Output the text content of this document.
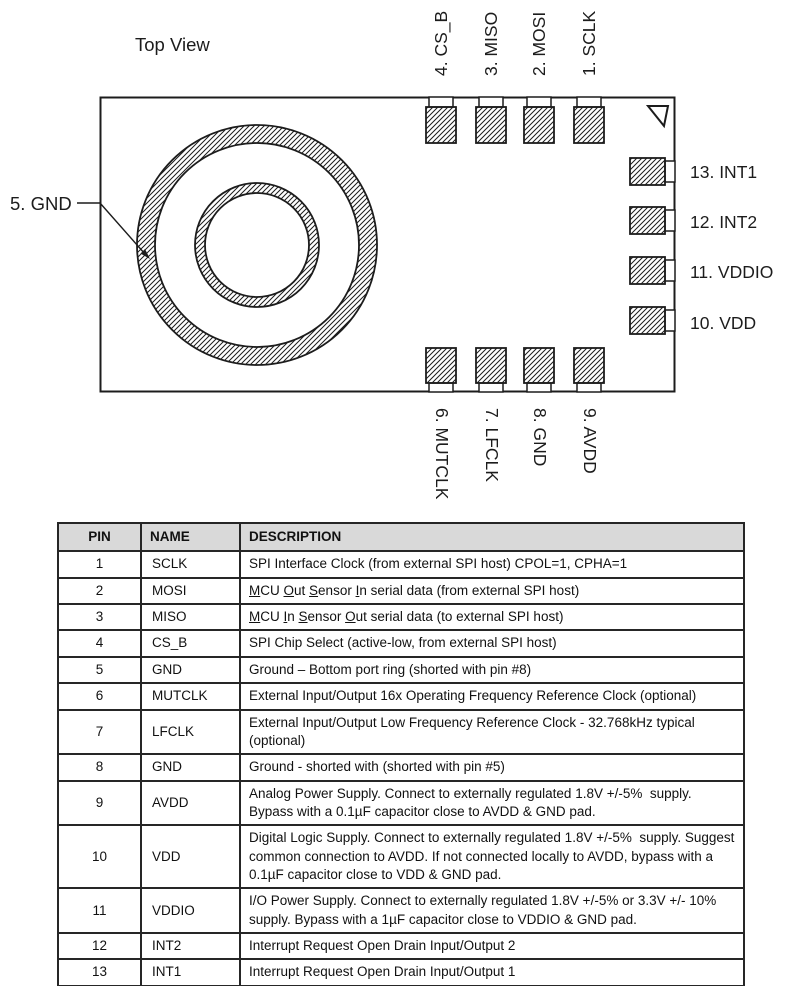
Top View
5. GND
4. CS_B 3. MISO 2. MOSI 1. SCLK
13. INT1
12. INT2
11. VDDIO
10. VDD
6. MUTCLK 7. LFCLK 8. GND 9. AVDD
PIN	NAME	DESCRIPTION
1	SCLK	SPI Interface Clock (from external SPI host) CPOL=1, CPHA=1
2	MOSI	MCU Out Sensor In serial data (from external SPI host)
3	MISO	MCU In Sensor Out serial data (to external SPI host)
4	CS_B	SPI Chip Select (active-low, from external SPI host)
5	GND	Ground – Bottom port ring (shorted with pin #8)
6	MUTCLK	External Input/Output 16x Operating Frequency Reference Clock (optional)
7	LFCLK	External Input/Output Low Frequency Reference Clock - 32.768kHz typical (optional)
8	GND	Ground - shorted with (shorted with pin #5)
9	AVDD	Analog Power Supply. Connect to externally regulated 1.8V +/-5%  supply. Bypass with a 0.1µF capacitor close to AVDD & GND pad.
10	VDD	Digital Logic Supply. Connect to externally regulated 1.8V +/-5%  supply. Suggest common connection to AVDD. If not connected locally to AVDD, bypass with a 0.1µF capacitor close to VDD & GND pad.
11	VDDIO	I/O Power Supply. Connect to externally regulated 1.8V +/-5% or 3.3V +/- 10% supply. Bypass with a 1µF capacitor close to VDDIO & GND pad.
12	INT2	Interrupt Request Open Drain Input/Output 2
13	INT1	Interrupt Request Open Drain Input/Output 1
